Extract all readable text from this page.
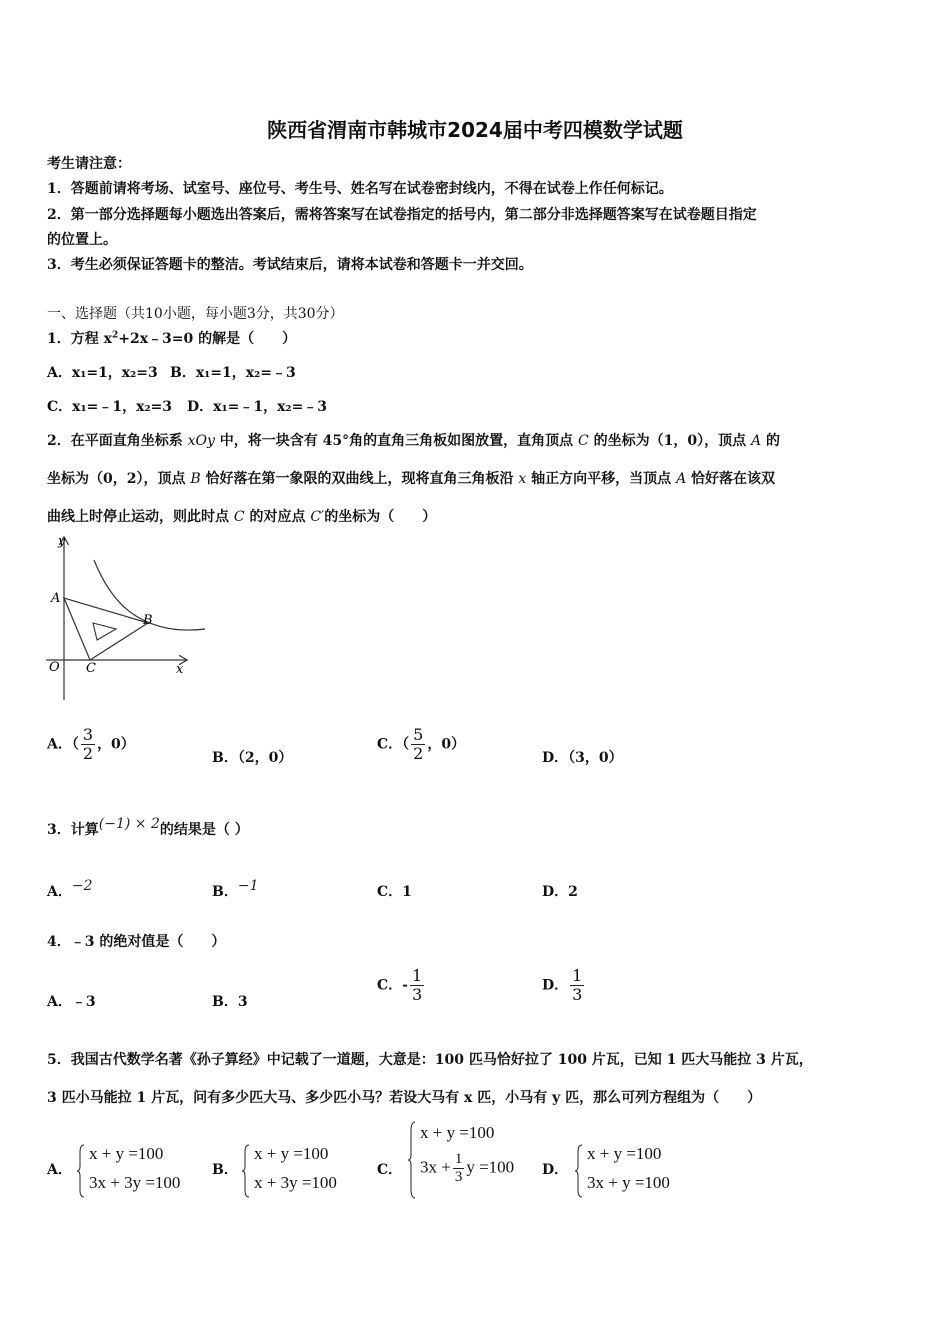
陕西省渭南市韩城市2024届中考四模数学试题
考生请注意：
1．答题前请将考场、试室号、座位号、考生号、姓名写在试卷密封线内，不得在试卷上作任何标记。
2．第一部分选择题每小题选出答案后，需将答案写在试卷指定的括号内，第二部分非选择题答案写在试卷题目指定
的位置上。
3．考生必须保证答题卡的整洁。考试结束后，请将本试卷和答题卡一并交回。
一、选择题（共10小题，每小题3分，共30分）
1．方程 $x^2+2x﹣3=0$ 的解是（　　）
A．x₁=1，x₂=3 B．x₁=1，x₂=﹣3
C．x₁=﹣1，x₂=3 D．x₁=﹣1，x₂=﹣3
2．在平面直角坐标系 xOy 中，将一块含有 45°角的直角三角板如图放置，直角顶点 C 的坐标为（1，0），顶点 A 的
坐标为（0，2），顶点 B 恰好落在第一象限的双曲线上，现将直角三角板沿 x 轴正方向平移，当顶点 A 恰好落在该双
曲线上时停止运动，则此时点 C 的对应点 C′的坐标为（　　）
y
x
O
A
B
C
A．（ $\frac{3}{2}$ ，0）
B．（2，0）
C．（ $\frac{5}{2}$ ，0）
D．（3，0）
3．计算(−1) × 2的结果是（ ）
A．−2	B．−1	C．1	D．2
4．﹣3 的绝对值是（　　）
A．﹣3	B．3
C．- $\frac{1}{3}$	D． $\frac{1}{3}$
5．我国古代数学名著《孙子算经》中记载了一道题，大意是：100 匹马恰好拉了 100 片瓦，已知 1 匹大马能拉 3 片瓦，
3 匹小马能拉 1 片瓦，问有多少匹大马、多少匹小马？若设大马有 x 匹，小马有 y 匹，那么可列方程组为（　　）
A．
x + y =100
3x + 3y =100
B．
x + y =100
x + 3y =100
C．
x + y =100
$3x + \frac{1}{3}$ y =100 D．
x + y =100
3x + y =100
